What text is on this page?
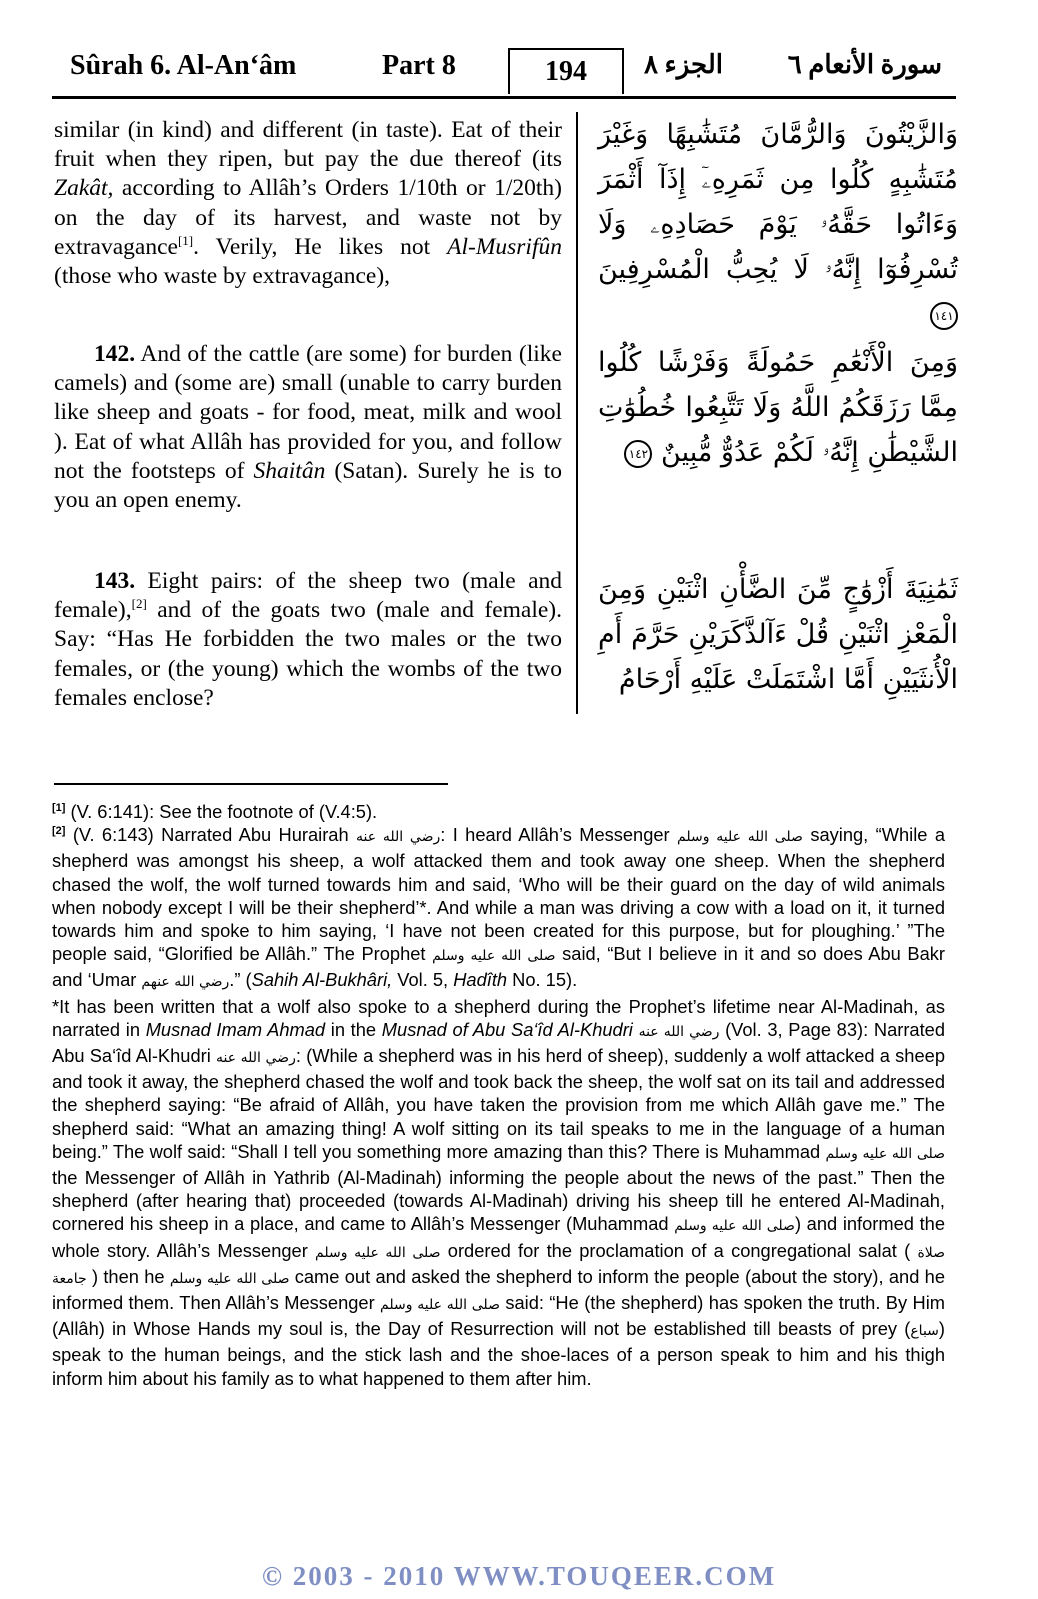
Sûrah 6. Al-An‘âm	Part 8	194	الجزء ٨ سورة الأنعام ٦
similar (in kind) and different (in taste). Eat of their fruit when they ripen, but pay the due thereof (its Zakât, according to Allâh’s Orders 1/10th or 1/20th) on the day of its harvest, and waste not by extravagance[1]. Verily, He likes not Al-Musrifûn (those who waste by extravagance),
142. And of the cattle (are some) for burden (like camels) and (some are) small (unable to carry burden like sheep and goats - for food, meat, milk and wool ). Eat of what Allâh has provided for you, and follow not the footsteps of Shaitân (Satan). Surely he is to you an open enemy.
143. Eight pairs: of the sheep two (male and female),[2] and of the goats two (male and female). Say: “Has He forbidden the two males or the two females, or (the young) which the wombs of the two females enclose?
وَالزَّيْتُونَ وَالرُّمَّانَ مُتَشَٰبِهًا وَغَيْرَ مُتَشَٰبِهٍ كُلُوا مِن ثَمَرِهِۦٓ إِذَآ أَثْمَرَ وَءَاتُوا حَقَّهُۥ يَوْمَ حَصَادِهِۦ وَلَا تُسْرِفُوٓا إِنَّهُۥ لَا يُحِبُّ الْمُسْرِفِينَ ١٤١
وَمِنَ الْأَنْعَٰمِ حَمُولَةً وَفَرْشًا كُلُوا مِمَّا رَزَقَكُمُ اللَّهُ وَلَا تَتَّبِعُوا خُطُوَٰتِ الشَّيْطَٰنِ إِنَّهُۥ لَكُمْ عَدُوٌّ مُّبِينٌ ١٤٢
ثَمَٰنِيَةَ أَزْوَٰجٍ مِّنَ الضَّأْنِ اثْنَيْنِ وَمِنَ الْمَعْزِ اثْنَيْنِ قُلْ ءَآلذَّكَرَيْنِ حَرَّمَ أَمِ الْأُنثَيَيْنِ أَمَّا اشْتَمَلَتْ عَلَيْهِ أَرْحَامُ

[1] (V. 6:141): See the footnote of (V.4:5).

[2] (V. 6:143) Narrated Abu Hurairah رضي الله عنه: I heard Allâh’s Messenger صلى الله عليه وسلم saying, “While a shepherd was amongst his sheep, a wolf attacked them and took away one sheep. When the shepherd chased the wolf, the wolf turned towards him and said, ‘Who will be their guard on the day of wild animals when nobody except I will be their shepherd’*. And while a man was driving a cow with a load on it, it turned towards him and spoke to him saying, ‘I have not been created for this purpose, but for ploughing.’ ”The people said, “Glorified be Allâh.” The Prophet صلى الله عليه وسلم said, “But I believe in it and so does Abu Bakr and ‘Umar رضي الله عنهم.” (Sahih Al-Bukhâri, Vol. 5, Hadîth No. 15).

*It has been written that a wolf also spoke to a shepherd during the Prophet’s lifetime near Al-Madinah, as narrated in Musnad Imam Ahmad in the Musnad of Abu Sa‘îd Al-Khudri رضي الله عنه (Vol. 3, Page 83): Narrated Abu Sa‘îd Al-Khudri رضي الله عنه: (While a shepherd was in his herd of sheep), suddenly a wolf attacked a sheep and took it away, the shepherd chased the wolf and took back the sheep, the wolf sat on its tail and addressed the shepherd saying: “Be afraid of Allâh, you have taken the provision from me which Allâh gave me.” The shepherd said: “What an amazing thing! A wolf sitting on its tail speaks to me in the language of a human being.” The wolf said: “Shall I tell you something more amazing than this? There is Muhammad صلى الله عليه وسلم the Messenger of Allâh in Yathrib (Al-Madinah) informing the people about the news of the past.” Then the shepherd (after hearing that) proceeded (towards Al-Madinah) driving his sheep till he entered Al-Madinah, cornered his sheep in a place, and came to Allâh’s Messenger (Muhammad صلى الله عليه وسلم) and informed the whole story. Allâh’s Messenger صلى الله عليه وسلم ordered for the proclamation of a congregational salat ( صلاة جامعة ) then he صلى الله عليه وسلم came out and asked the shepherd to inform the people (about the story), and he informed them. Then Allâh’s Messenger صلى الله عليه وسلم said: “He (the shepherd) has spoken the truth. By Him (Allâh) in Whose Hands my soul is, the Day of Resurrection will not be established till beasts of prey (سباع) speak to the human beings, and the stick lash and the shoe-laces of a person speak to him and his thigh inform him about his family as to what happened to them after him.

© 2003 - 2010 WWW.TOUQEER.COM
